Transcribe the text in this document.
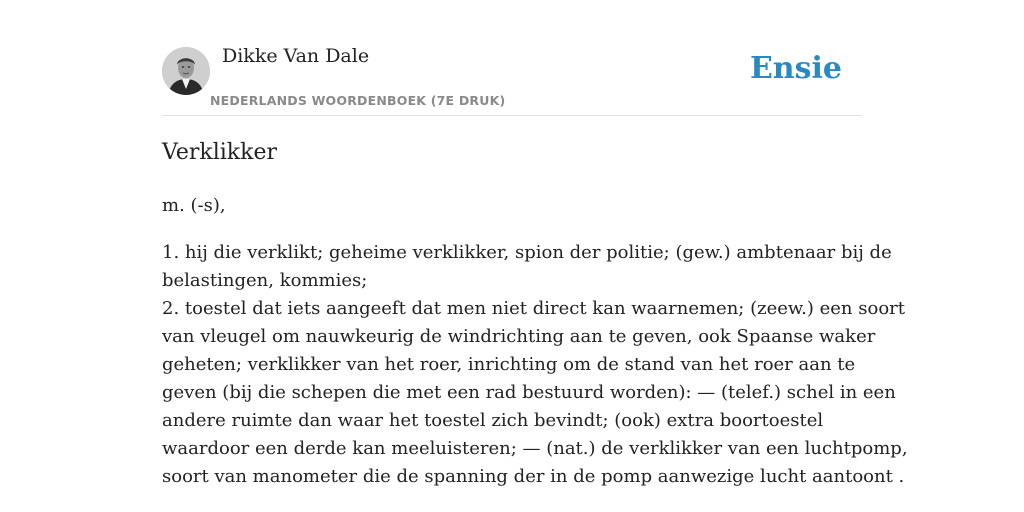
Dikke Van Dale
NEDERLANDS WOORDENBOEK (7E DRUK)
Ensie
Verklikker
m. (-s),
1. hij die verklikt; geheime verklikker, spion der politie; (gew.) ambtenaar bij de
belastingen, kommies;
2. toestel dat iets aangeeft dat men niet direct kan waarnemen; (zeew.) een soort
van vleugel om nauwkeurig de windrichting aan te geven, ook Spaanse waker
geheten; verklikker van het roer, inrichting om de stand van het roer aan te
geven (bij die schepen die met een rad bestuurd worden): — (telef.) schel in een
andere ruimte dan waar het toestel zich bevindt; (ook) extra boortoestel
waardoor een derde kan meeluisteren; — (nat.) de verklikker van een luchtpomp,
soort van manometer die de spanning der in de pomp aanwezige lucht aantoont .
